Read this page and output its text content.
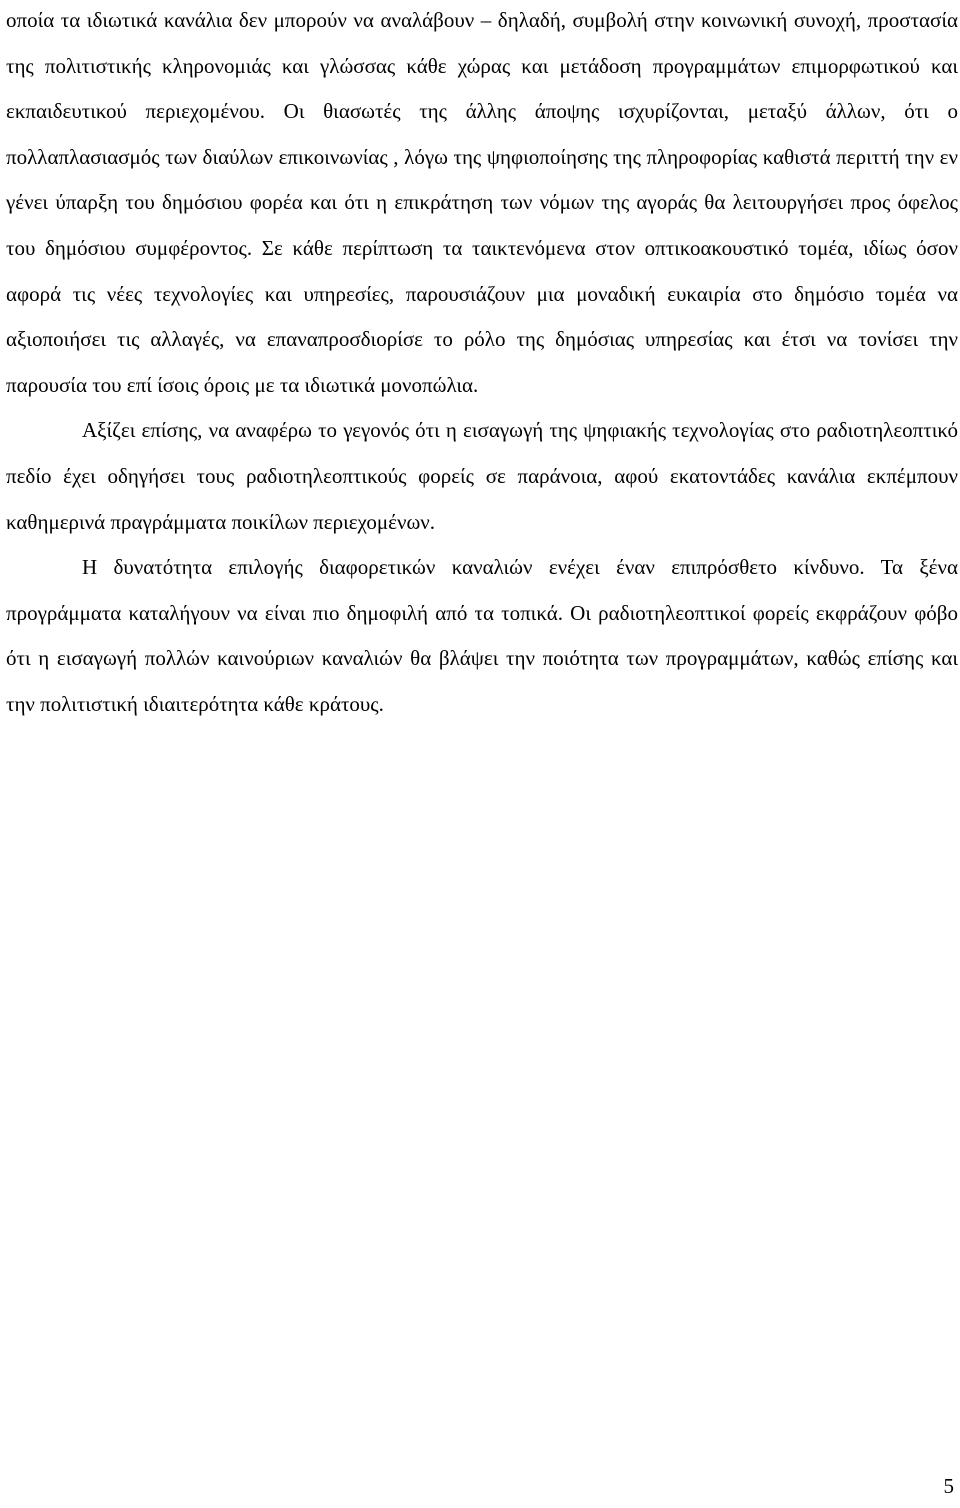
οποία τα ιδιωτικά κανάλια δεν μπορούν να αναλάβουν – δηλαδή, συμβολή στην κοινωνική συνοχή, προστασία της πολιτιστικής κληρονομιάς και γλώσσας κάθε χώρας και μετάδοση προγραμμάτων επιμορφωτικού και εκπαιδευτικού περιεχομένου. Οι θιασωτές της άλλης άποψης ισχυρίζονται, μεταξύ άλλων, ότι ο πολλαπλασιασμός των διαύλων επικοινωνίας , λόγω της ψηφιοποίησης της πληροφορίας καθιστά περιττή την εν γένει ύπαρξη του δημόσιου φορέα και ότι η επικράτηση των νόμων της αγοράς θα λειτουργήσει προς όφελος του δημόσιου συμφέροντος. Σε κάθε περίπτωση τα ταικτενόμενα στον οπτικοακουστικό τομέα, ιδίως όσον αφορά τις νέες τεχνολογίες και υπηρεσίες, παρουσιάζουν μια μοναδική ευκαιρία στο δημόσιο τομέα να αξιοποιήσει τις αλλαγές, να επαναπροσδιορίσε το ρόλο της δημόσιας υπηρεσίας και έτσι να τονίσει την παρουσία του επί ίσοις όροις με τα ιδιωτικά μονοπώλια.

Αξίζει επίσης, να αναφέρω το γεγονός ότι η εισαγωγή της ψηφιακής τεχνολογίας στο ραδιοτηλεοπτικό πεδίο έχει οδηγήσει τους ραδιοτηλεοπτικούς φορείς σε παράνοια, αφού εκατοντάδες κανάλια εκπέμπουν καθημερινά πραγράμματα ποικίλων περιεχομένων.

Η δυνατότητα επιλογής διαφορετικών καναλιών ενέχει έναν επιπρόσθετο κίνδυνο. Τα ξένα προγράμματα καταλήγουν να είναι πιο δημοφιλή από τα τοπικά. Οι ραδιοτηλεοπτικοί φορείς εκφράζουν φόβο ότι η εισαγωγή πολλών καινούριων καναλιών θα βλάψει την ποιότητα των προγραμμάτων, καθώς επίσης και την πολιτιστική ιδιαιτερότητα κάθε κράτους.

5
